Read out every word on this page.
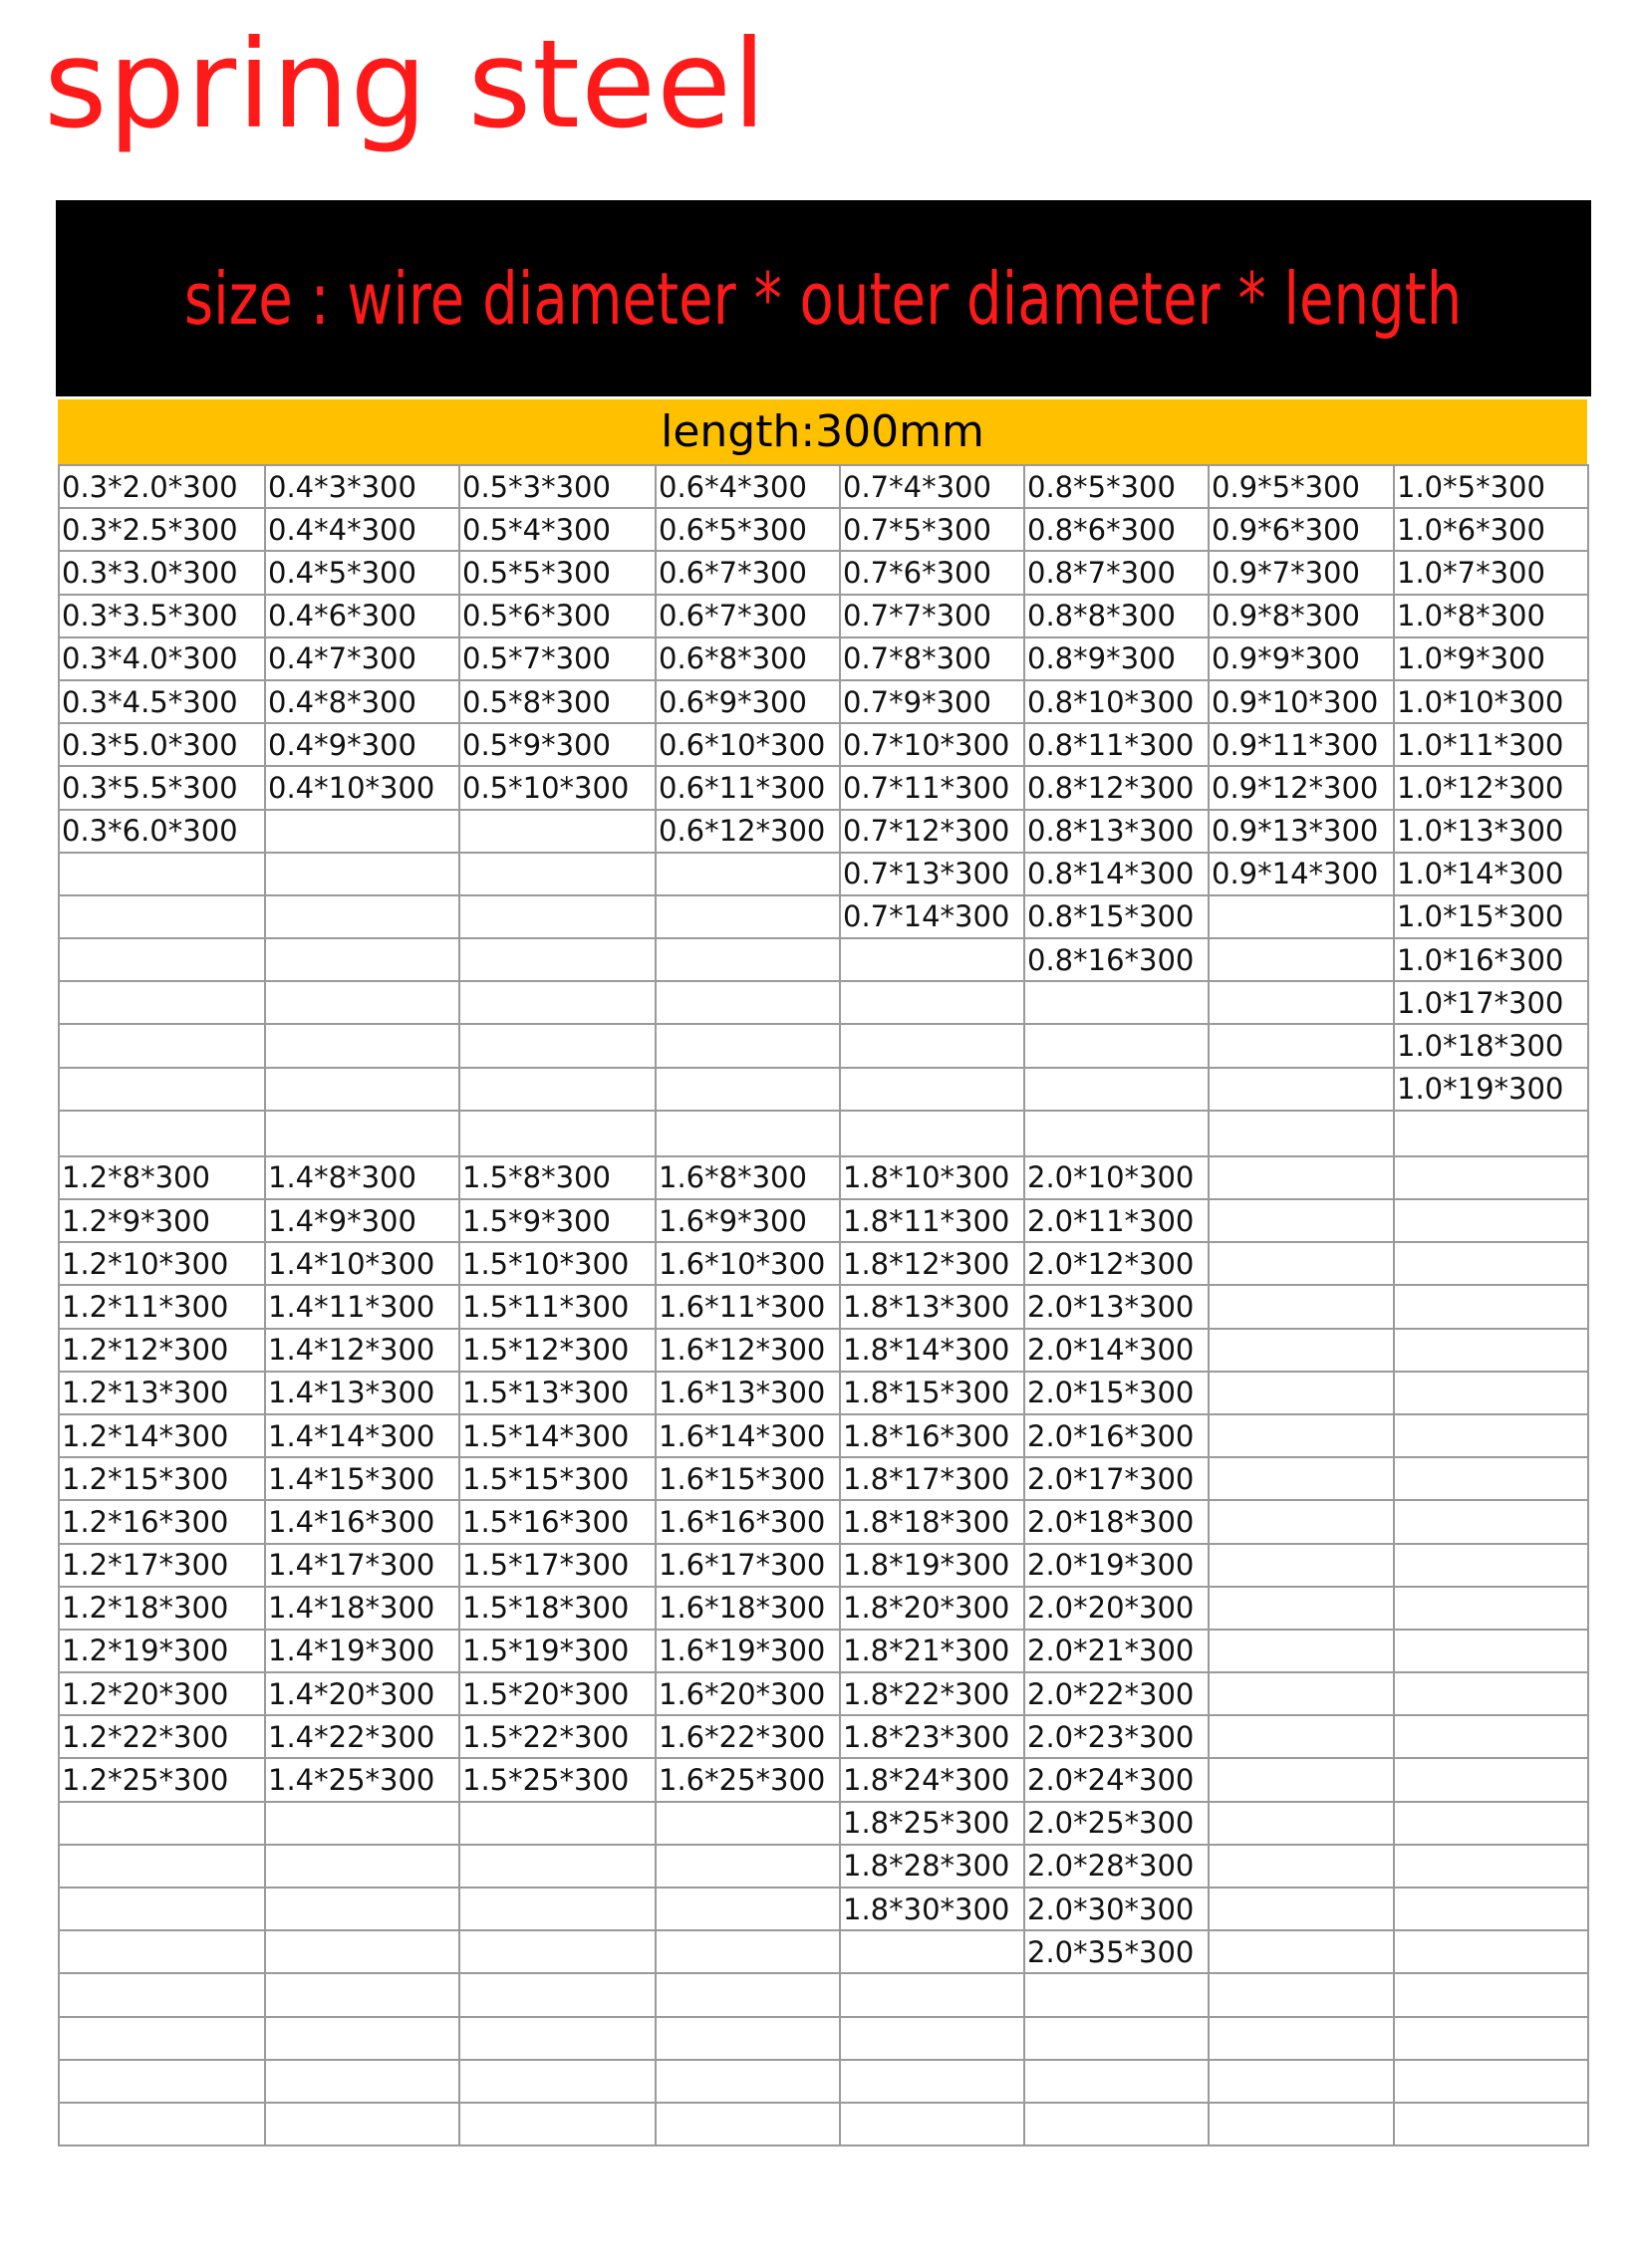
spring steel
size : wire diameter * outer diameter * length
length:300mm
0.3*2.0*300	0.4*3*300	0.5*3*300	0.6*4*300	0.7*4*300	0.8*5*300	0.9*5*300	1.0*5*300
0.3*2.5*300	0.4*4*300	0.5*4*300	0.6*5*300	0.7*5*300	0.8*6*300	0.9*6*300	1.0*6*300
0.3*3.0*300	0.4*5*300	0.5*5*300	0.6*7*300	0.7*6*300	0.8*7*300	0.9*7*300	1.0*7*300
0.3*3.5*300	0.4*6*300	0.5*6*300	0.6*7*300	0.7*7*300	0.8*8*300	0.9*8*300	1.0*8*300
0.3*4.0*300	0.4*7*300	0.5*7*300	0.6*8*300	0.7*8*300	0.8*9*300	0.9*9*300	1.0*9*300
0.3*4.5*300	0.4*8*300	0.5*8*300	0.6*9*300	0.7*9*300	0.8*10*300	0.9*10*300	1.0*10*300
0.3*5.0*300	0.4*9*300	0.5*9*300	0.6*10*300	0.7*10*300	0.8*11*300	0.9*11*300	1.0*11*300
0.3*5.5*300	0.4*10*300	0.5*10*300	0.6*11*300	0.7*11*300	0.8*12*300	0.9*12*300	1.0*12*300
0.3*6.0*300			0.6*12*300	0.7*12*300	0.8*13*300	0.9*13*300	1.0*13*300
				0.7*13*300	0.8*14*300	0.9*14*300	1.0*14*300
				0.7*14*300	0.8*15*300		1.0*15*300
					0.8*16*300		1.0*16*300
							1.0*17*300
							1.0*18*300
							1.0*19*300

1.2*8*300	1.4*8*300	1.5*8*300	1.6*8*300	1.8*10*300	2.0*10*300		
1.2*9*300	1.4*9*300	1.5*9*300	1.6*9*300	1.8*11*300	2.0*11*300		
1.2*10*300	1.4*10*300	1.5*10*300	1.6*10*300	1.8*12*300	2.0*12*300		
1.2*11*300	1.4*11*300	1.5*11*300	1.6*11*300	1.8*13*300	2.0*13*300		
1.2*12*300	1.4*12*300	1.5*12*300	1.6*12*300	1.8*14*300	2.0*14*300		
1.2*13*300	1.4*13*300	1.5*13*300	1.6*13*300	1.8*15*300	2.0*15*300		
1.2*14*300	1.4*14*300	1.5*14*300	1.6*14*300	1.8*16*300	2.0*16*300		
1.2*15*300	1.4*15*300	1.5*15*300	1.6*15*300	1.8*17*300	2.0*17*300		
1.2*16*300	1.4*16*300	1.5*16*300	1.6*16*300	1.8*18*300	2.0*18*300		
1.2*17*300	1.4*17*300	1.5*17*300	1.6*17*300	1.8*19*300	2.0*19*300		
1.2*18*300	1.4*18*300	1.5*18*300	1.6*18*300	1.8*20*300	2.0*20*300		
1.2*19*300	1.4*19*300	1.5*19*300	1.6*19*300	1.8*21*300	2.0*21*300		
1.2*20*300	1.4*20*300	1.5*20*300	1.6*20*300	1.8*22*300	2.0*22*300		
1.2*22*300	1.4*22*300	1.5*22*300	1.6*22*300	1.8*23*300	2.0*23*300		
1.2*25*300	1.4*25*300	1.5*25*300	1.6*25*300	1.8*24*300	2.0*24*300		
				1.8*25*300	2.0*25*300		
				1.8*28*300	2.0*28*300		
				1.8*30*300	2.0*30*300		
					2.0*35*300		
